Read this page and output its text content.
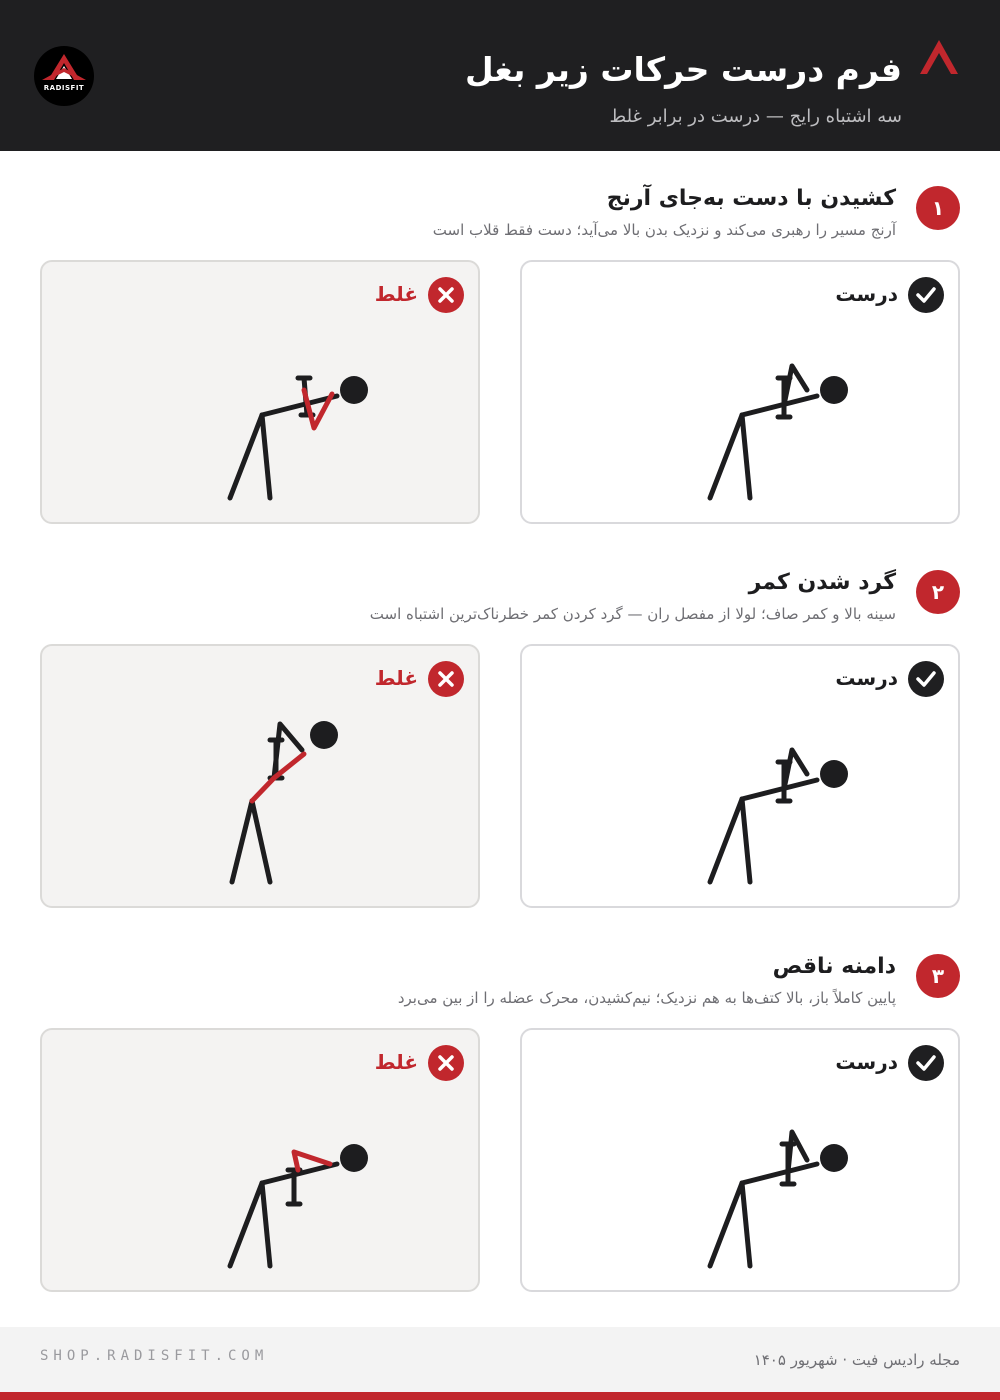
RADISFIT	فرم درست حرکات زیر بغل
سه اشتباه رایج — درست در برابر غلط
۱
کشیدن با دست به‌جای آرنج
آرنج مسیر را رهبری می‌کند و نزدیک بدن بالا می‌آید؛ دست فقط قلاب است
درست
غلط
۲
گرد شدن کمر
سینه بالا و کمر صاف؛ لولا از مفصل ران — گرد کردن کمر خطرناک‌ترین اشتباه است
درست
غلط
۳
دامنه ناقص
پایین کاملاً باز، بالا کتف‌ها به هم نزدیک؛ نیم‌کشیدن، محرک عضله را از بین می‌برد
درست
غلط
SHOP.RADISFIT.COM	مجله رادیس فیت · شهریور ۱۴۰۵
